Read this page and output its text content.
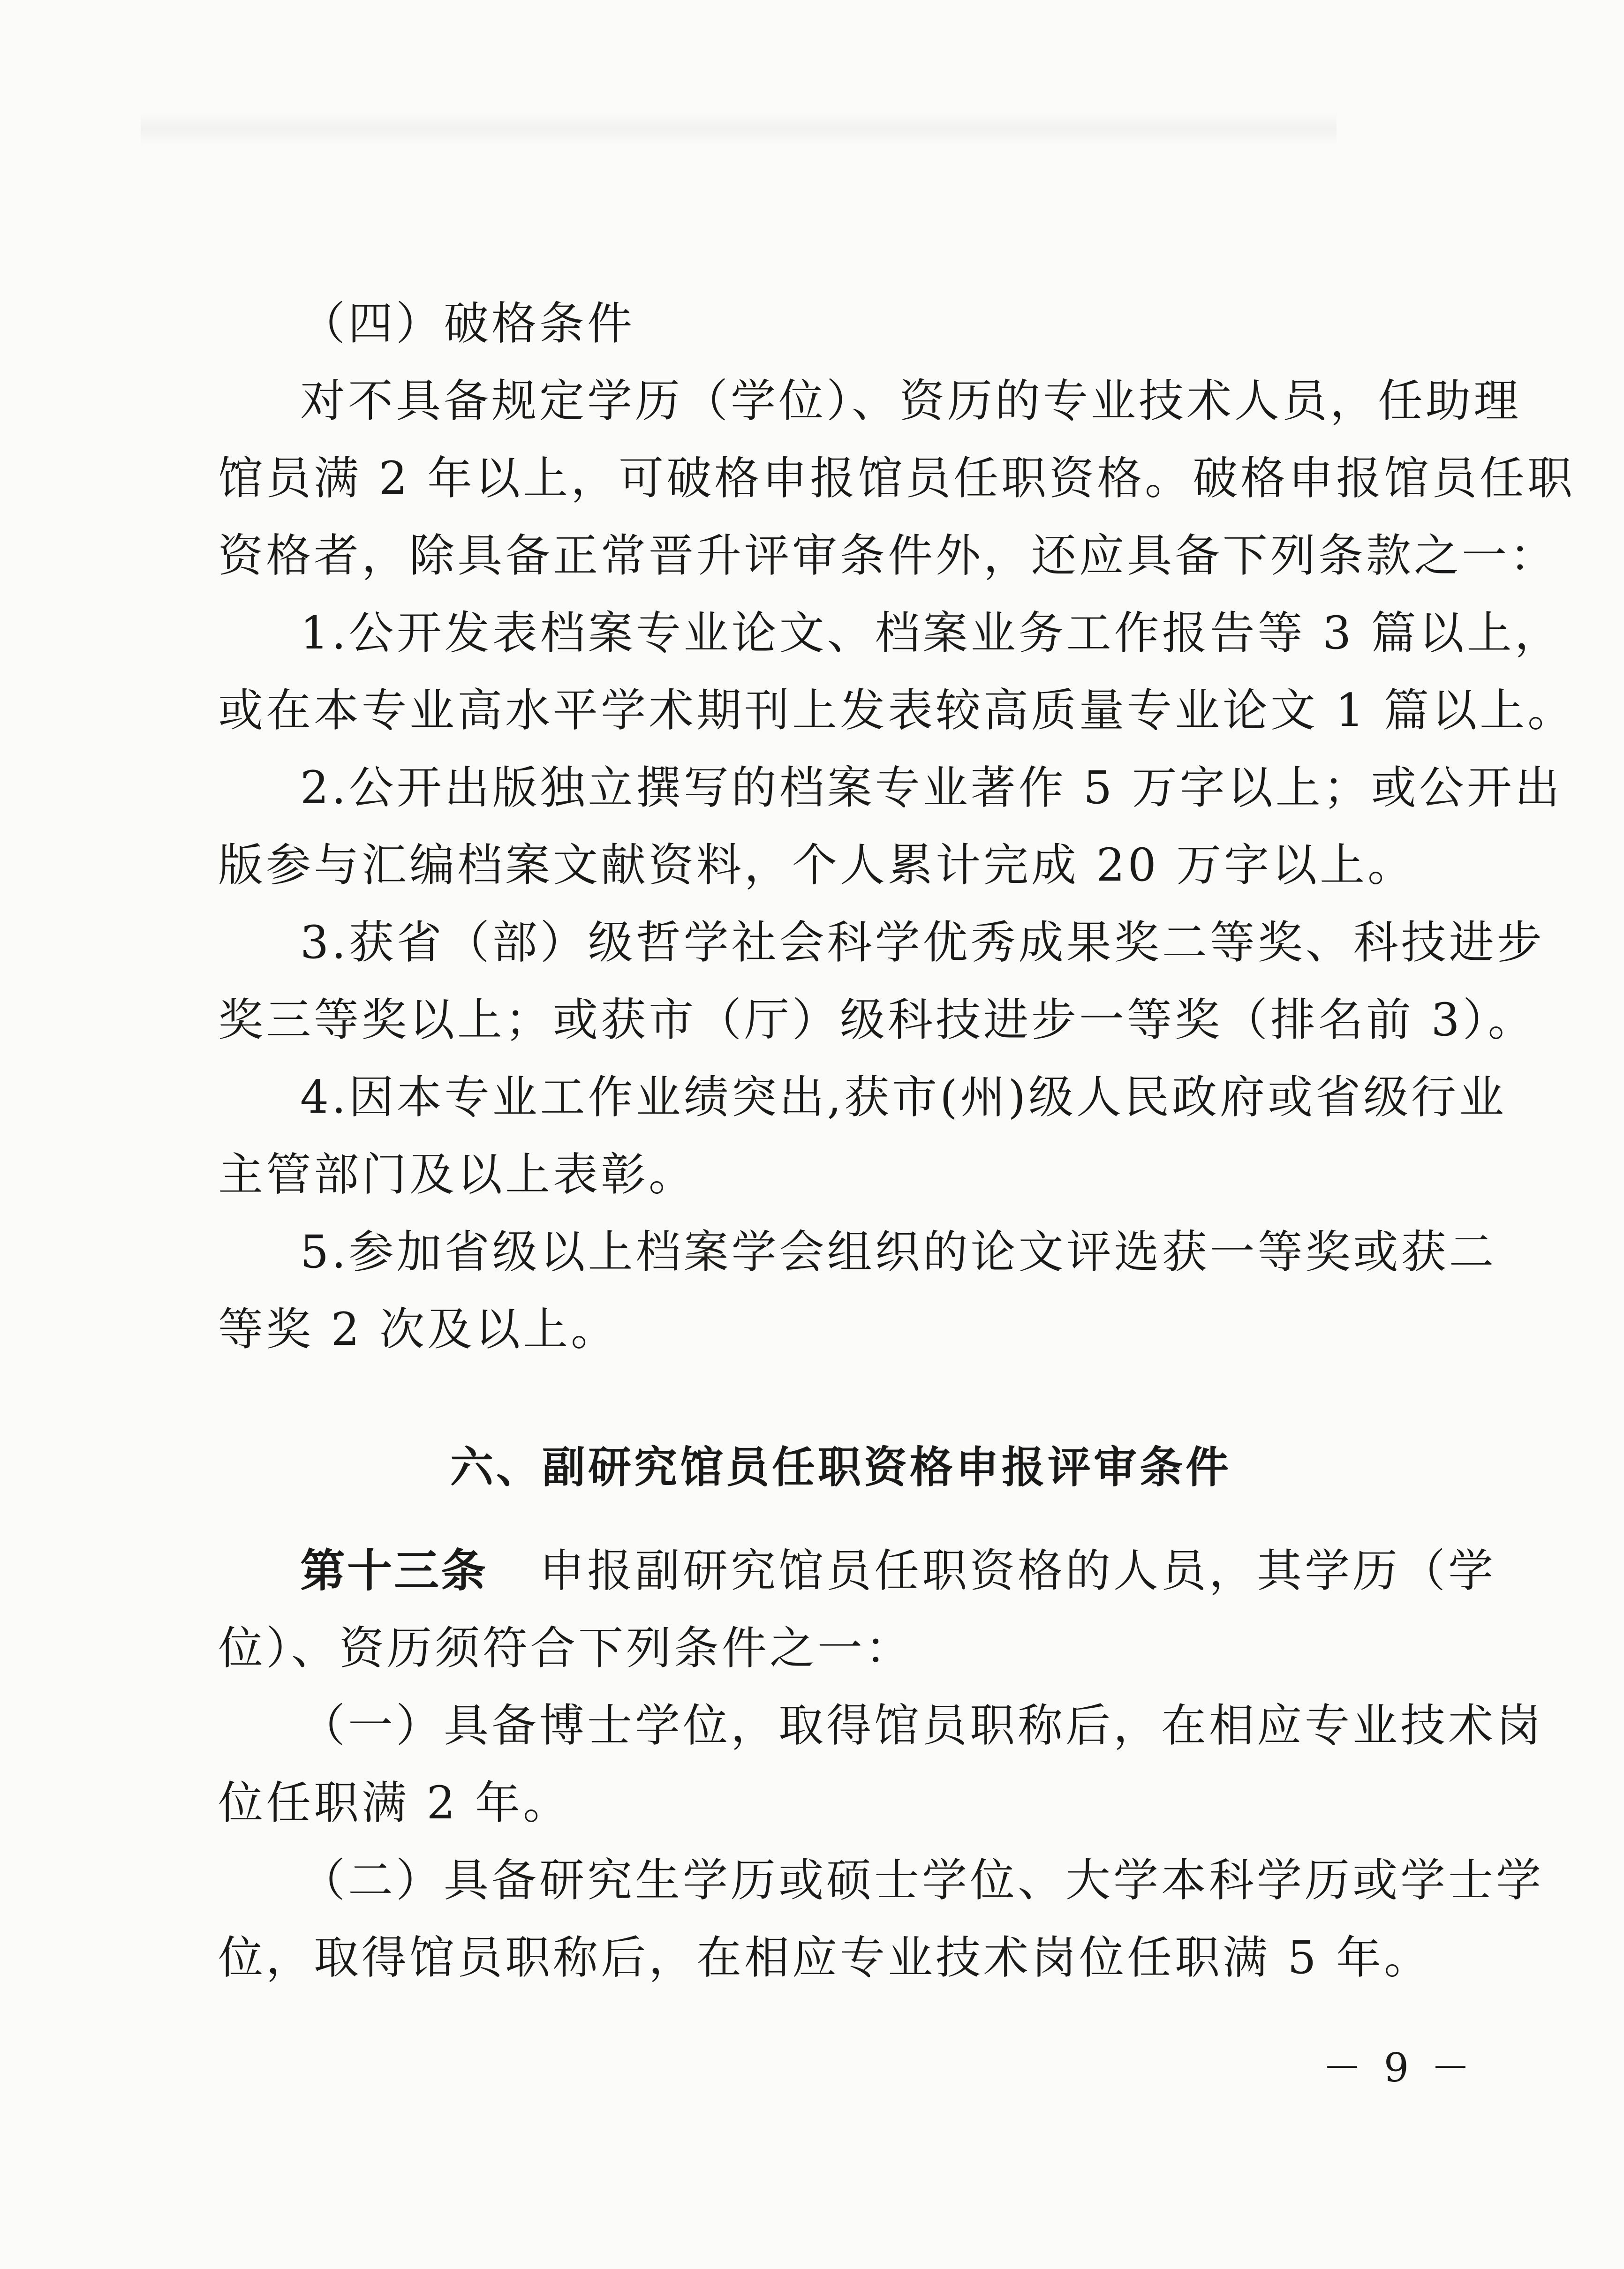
（四）破格条件
对不具备规定学历（学位）、资历的专业技术人员，任助理
馆员满 2 年以上，可破格申报馆员任职资格。破格申报馆员任职
资格者，除具备正常晋升评审条件外，还应具备下列条款之一：
1.公开发表档案专业论文、档案业务工作报告等 3 篇以上，
或在本专业高水平学术期刊上发表较高质量专业论文 1 篇以上。
2.公开出版独立撰写的档案专业著作 5 万字以上；或公开出
版参与汇编档案文献资料，个人累计完成 20 万字以上。
3.获省（部）级哲学社会科学优秀成果奖二等奖、科技进步
奖三等奖以上；或获市（厅）级科技进步一等奖（排名前 3）。
4.因本专业工作业绩突出,获市(州)级人民政府或省级行业
主管部门及以上表彰。
5.参加省级以上档案学会组织的论文评选获一等奖或获二
等奖 2 次及以上。
六、副研究馆员任职资格申报评审条件
第十三条 申报副研究馆员任职资格的人员，其学历（学
位）、资历须符合下列条件之一：
（一）具备博士学位，取得馆员职称后，在相应专业技术岗
位任职满 2 年。
（二）具备研究生学历或硕士学位、大学本科学历或学士学
位，取得馆员职称后，在相应专业技术岗位任职满 5 年。
－ 9 －
